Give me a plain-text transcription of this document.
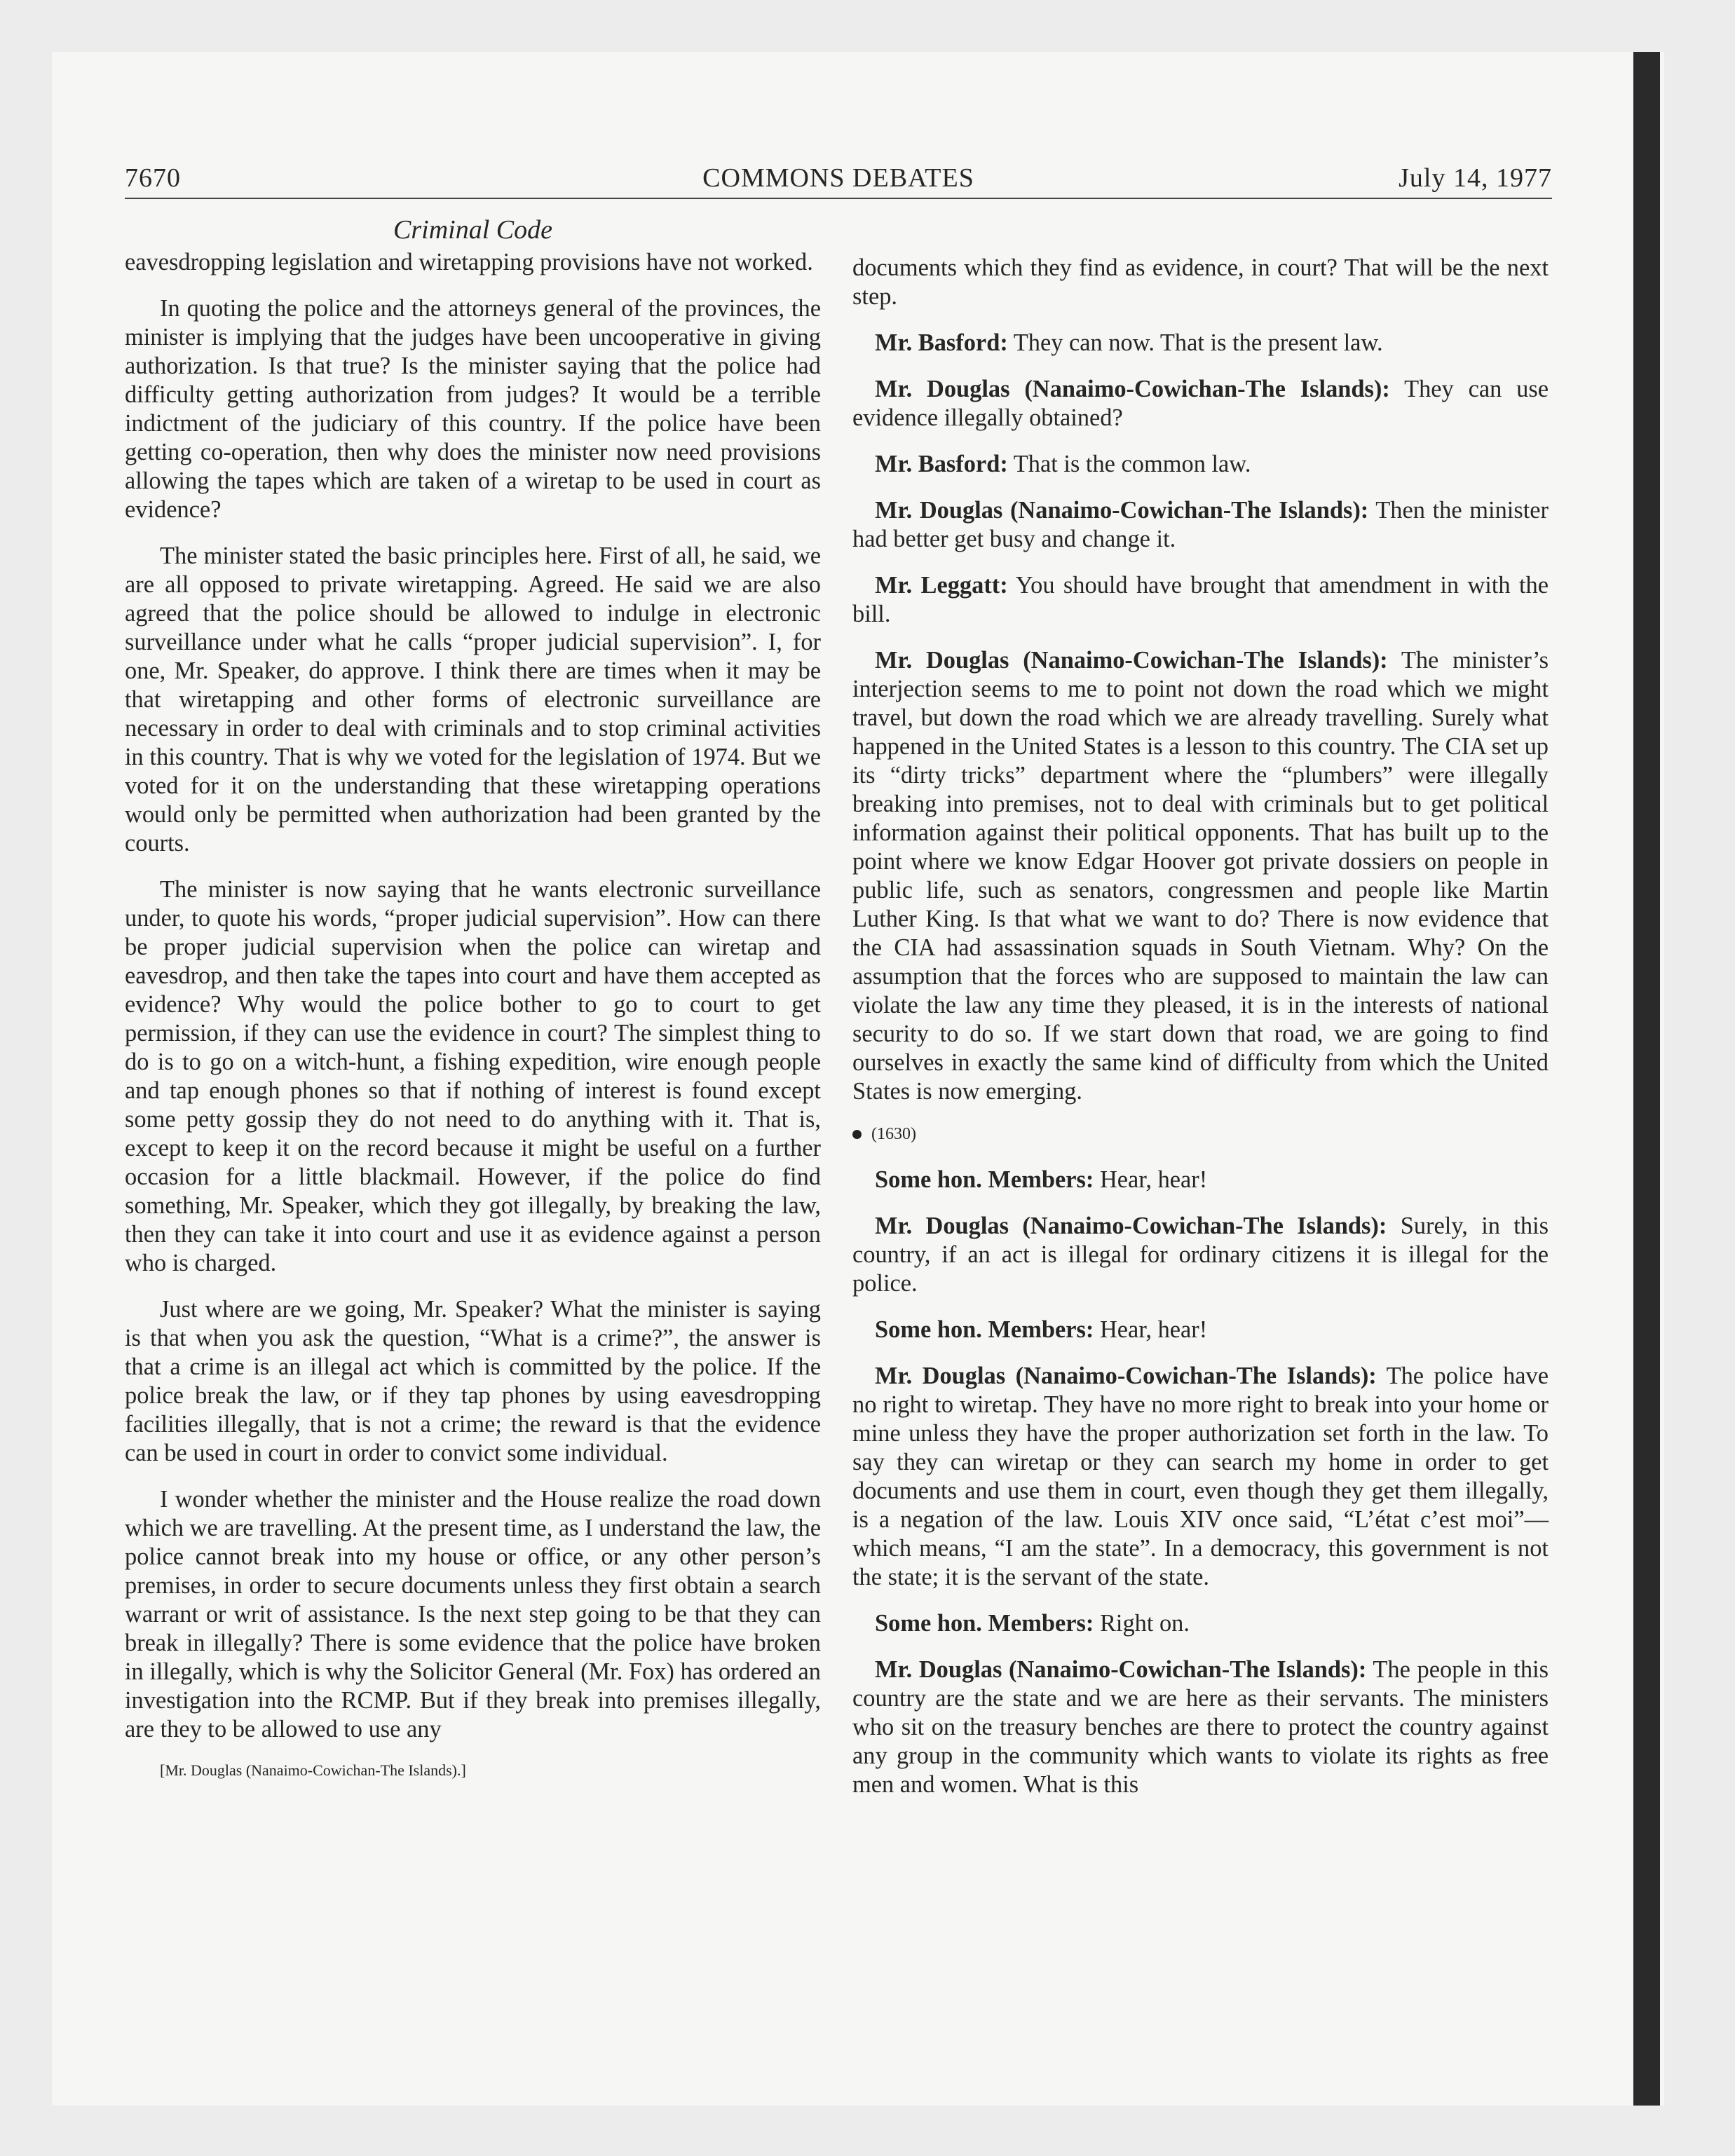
7670	COMMONS DEBATES	July 14, 1977
Criminal Code

eavesdropping legislation and wiretapping provisions have not worked.

In quoting the police and the attorneys general of the provinces, the minister is implying that the judges have been uncooperative in giving authorization. Is that true? Is the minister saying that the police had difficulty getting authorization from judges? It would be a terrible indictment of the judiciary of this country. If the police have been getting co-operation, then why does the minister now need provisions allowing the tapes which are taken of a wiretap to be used in court as evidence?

The minister stated the basic principles here. First of all, he said, we are all opposed to private wiretapping. Agreed. He said we are also agreed that the police should be allowed to indulge in electronic surveillance under what he calls “proper judicial supervision”. I, for one, Mr. Speaker, do approve. I think there are times when it may be that wiretapping and other forms of electronic surveillance are necessary in order to deal with criminals and to stop criminal activities in this country. That is why we voted for the legislation of 1974. But we voted for it on the understanding that these wiretapping operations would only be permitted when authorization had been granted by the courts.

The minister is now saying that he wants electronic surveillance under, to quote his words, “proper judicial supervision”. How can there be proper judicial supervision when the police can wiretap and eavesdrop, and then take the tapes into court and have them accepted as evidence? Why would the police bother to go to court to get permission, if they can use the evidence in court? The simplest thing to do is to go on a witch-hunt, a fishing expedition, wire enough people and tap enough phones so that if nothing of interest is found except some petty gossip they do not need to do anything with it. That is, except to keep it on the record because it might be useful on a further occasion for a little blackmail. However, if the police do find something, Mr. Speaker, which they got illegally, by breaking the law, then they can take it into court and use it as evidence against a person who is charged.

Just where are we going, Mr. Speaker? What the minister is saying is that when you ask the question, “What is a crime?”, the answer is that a crime is an illegal act which is committed by the police. If the police break the law, or if they tap phones by using eavesdropping facilities illegally, that is not a crime; the reward is that the evidence can be used in court in order to convict some individual.

I wonder whether the minister and the House realize the road down which we are travelling. At the present time, as I understand the law, the police cannot break into my house or office, or any other person’s premises, in order to secure documents unless they first obtain a search warrant or writ of assistance. Is the next step going to be that they can break in illegally? There is some evidence that the police have broken in illegally, which is why the Solicitor General (Mr. Fox) has ordered an investigation into the RCMP. But if they break into premises illegally, are they to be allowed to use any

[Mr. Douglas (Nanaimo-Cowichan-The Islands).]

documents which they find as evidence, in court? That will be the next step.

Mr. Basford: They can now. That is the present law.

Mr. Douglas (Nanaimo-Cowichan-The Islands): They can use evidence illegally obtained?

Mr. Basford: That is the common law.

Mr. Douglas (Nanaimo-Cowichan-The Islands): Then the minister had better get busy and change it.

Mr. Leggatt: You should have brought that amendment in with the bill.

Mr. Douglas (Nanaimo-Cowichan-The Islands): The minister’s interjection seems to me to point not down the road which we might travel, but down the road which we are already travelling. Surely what happened in the United States is a lesson to this country. The CIA set up its “dirty tricks” department where the “plumbers” were illegally breaking into premises, not to deal with criminals but to get political information against their political opponents. That has built up to the point where we know Edgar Hoover got private dossiers on people in public life, such as senators, congressmen and people like Martin Luther King. Is that what we want to do? There is now evidence that the CIA had assassination squads in South Vietnam. Why? On the assumption that the forces who are supposed to maintain the law can violate the law any time they pleased, it is in the interests of national security to do so. If we start down that road, we are going to find ourselves in exactly the same kind of difficulty from which the United States is now emerging.

(1630)

Some hon. Members: Hear, hear!

Mr. Douglas (Nanaimo-Cowichan-The Islands): Surely, in this country, if an act is illegal for ordinary citizens it is illegal for the police.

Some hon. Members: Hear, hear!

Mr. Douglas (Nanaimo-Cowichan-The Islands): The police have no right to wiretap. They have no more right to break into your home or mine unless they have the proper authorization set forth in the law. To say they can wiretap or they can search my home in order to get documents and use them in court, even though they get them illegally, is a negation of the law. Louis XIV once said, “L’état c’est moi”—which means, “I am the state”. In a democracy, this government is not the state; it is the servant of the state.

Some hon. Members: Right on.

Mr. Douglas (Nanaimo-Cowichan-The Islands): The people in this country are the state and we are here as their servants. The ministers who sit on the treasury benches are there to protect the country against any group in the community which wants to violate its rights as free men and women. What is this
